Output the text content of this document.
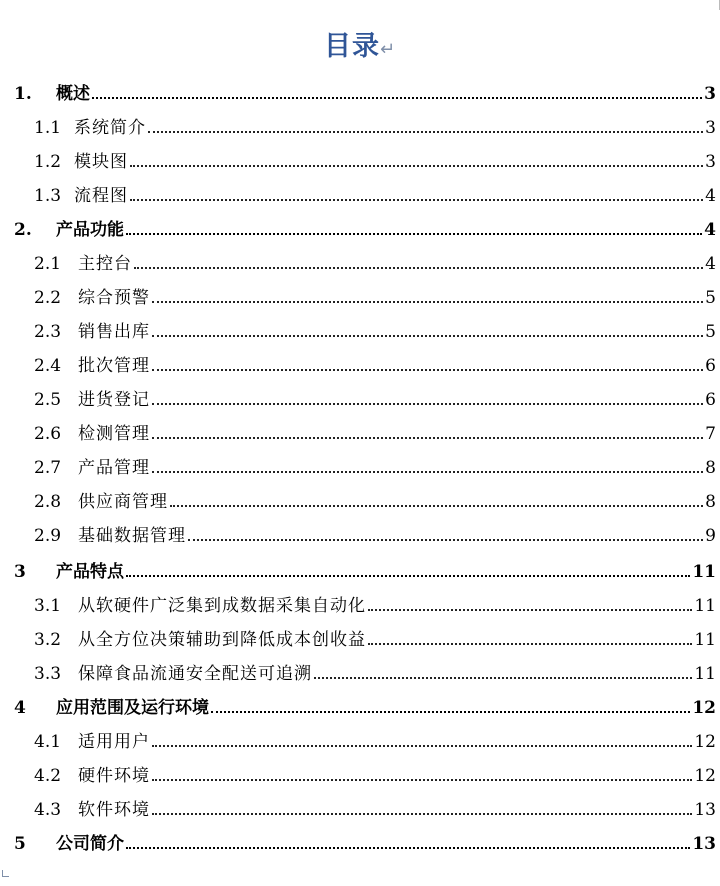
目录↵
1.	概述	3
1.1 系统简介	3
1.2 模块图	3
1.3 流程图	4
2.	产品功能	4
2.1 主控台	4
2.2 综合预警	5
2.3 销售出库	5
2.4 批次管理	6
2.5 进货登记	6
2.6 检测管理	7
2.7 产品管理	8
2.8 供应商管理	8
2.9 基础数据管理	9
3	产品特点	11
3.1 从软硬件广泛集到成数据采集自动化	11
3.2 从全方位决策辅助到降低成本创收益	11
3.3 保障食品流通安全配送可追溯	11
4	应用范围及运行环境	12
4.1 适用用户	12
4.2 硬件环境	12
4.3 软件环境	13
5	公司简介	13
